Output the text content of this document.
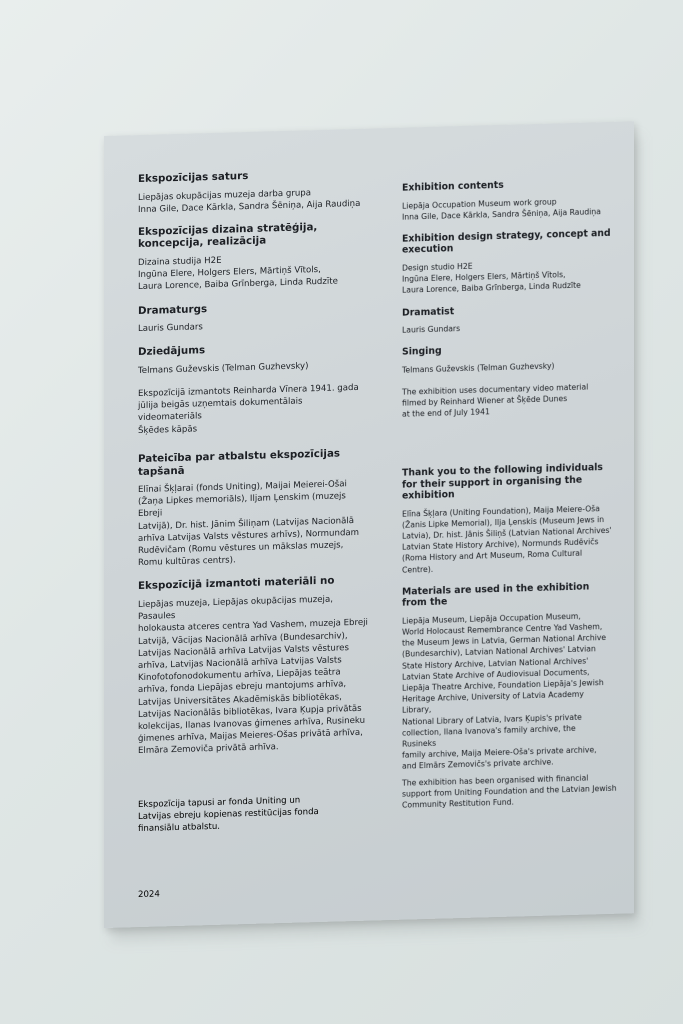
Ekspozīcijas saturs

Liepājas okupācijas muzeja darba grupa
Inna Gile, Dace Kārkla, Sandra Šēniņa, Aija Raudiņa

Ekspozīcijas dizaina stratēģija, koncepcija, realizācija

Dizaina studija H2E
Ingūna Elere, Holgers Elers, Mārtiņš Vītols,
Laura Lorence, Baiba Grīnberga, Linda Rudzīte

Dramaturgs

Lauris Gundars

Dziedājums

Telmans Guževskis (Telman Guzhevsky)

Ekspozīcijā izmantots Reinharda Vīnera 1941. gada
jūlija beigās uzņemtais dokumentālais videomateriāls
Šķēdes kāpās

Pateicība par atbalstu ekspozīcijas tapšanā

Elīnai Šķļarai (fonds Uniting), Maijai Meierei-Ošai
(Žaņa Lipkes memoriāls), Iljam Ļenskim (muzejs Ebreji
Latvijā), Dr. hist. Jānim Šiliņam (Latvijas Nacionālā
arhīva Latvijas Valsts vēstures arhīvs), Normundam
Rudēvičam (Romu vēstures un mākslas muzejs,
Romu kultūras centrs).

Ekspozīcijā izmantoti materiāli no

Liepājas muzeja, Liepājas okupācijas muzeja, Pasaules
holokausta atceres centra Yad Vashem, muzeja Ebreji
Latvijā, Vācijas Nacionālā arhīva (Bundesarchiv),
Latvijas Nacionālā arhīva Latvijas Valsts vēstures
arhīva, Latvijas Nacionālā arhīva Latvijas Valsts
Kinofotofonodokumentu arhīva, Liepājas teātra
arhīva, fonda Liepājas ebreju mantojums arhīva,
Latvijas Universitātes Akadēmiskās bibliotēkas,
Latvijas Nacionālās bibliotēkas, Ivara Ķupja privātās
kolekcijas, Ilanas Ivanovas ģimenes arhīva, Rusineku
ģimenes arhīva, Maijas Meieres-Ošas privātā arhīva,
Elmāra Zemoviča privātā arhīva.

Ekspozīcija tapusi ar fonda Uniting un
Latvijas ebreju kopienas restitūcijas fonda
finansiālu atbalstu.

2024

Exhibition contents

Liepāja Occupation Museum work group
Inna Gile, Dace Kārkla, Sandra Šēniņa, Aija Raudiņa

Exhibition design strategy, concept and execution

Design studio H2E
Ingūna Elere, Holgers Elers, Mārtiņš Vītols,
Laura Lorence, Baiba Grīnberga, Linda Rudzīte

Dramatist

Lauris Gundars

Singing

Telmans Guževskis (Telman Guzhevsky)

The exhibition uses documentary video material
filmed by Reinhard Wiener at Šķēde Dunes
at the end of July 1941

Thank you to the following individuals for their support in organising the exhibition

Elīna Šķļara (Uniting Foundation), Maija Meiere-Oša
(Žanis Lipke Memorial), Ilja Ļenskis (Museum Jews in
Latvia), Dr. hist. Jānis Šiliņš (Latvian National Archives'
Latvian State History Archive), Normunds Rudēvičs
(Roma History and Art Museum, Roma Cultural Centre).

Materials are used in the exhibition from the

Liepāja Museum, Liepāja Occupation Museum,
World Holocaust Remembrance Centre Yad Vashem,
the Museum Jews in Latvia, German National Archive
(Bundesarchiv), Latvian National Archives' Latvian
State History Archive, Latvian National Archives'
Latvian State Archive of Audiovisual Documents,
Liepāja Theatre Archive, Foundation Liepāja's Jewish
Heritage Archive, University of Latvia Academy Library,
National Library of Latvia, Ivars Ķupis's private
collection, Ilana Ivanova's family archive, the Rusineks
family archive, Maija Meiere-Oša's private archive,
and Elmārs Zemovičs's private archive.

The exhibition has been organised with financial
support from Uniting Foundation and the Latvian Jewish
Community Restitution Fund.
